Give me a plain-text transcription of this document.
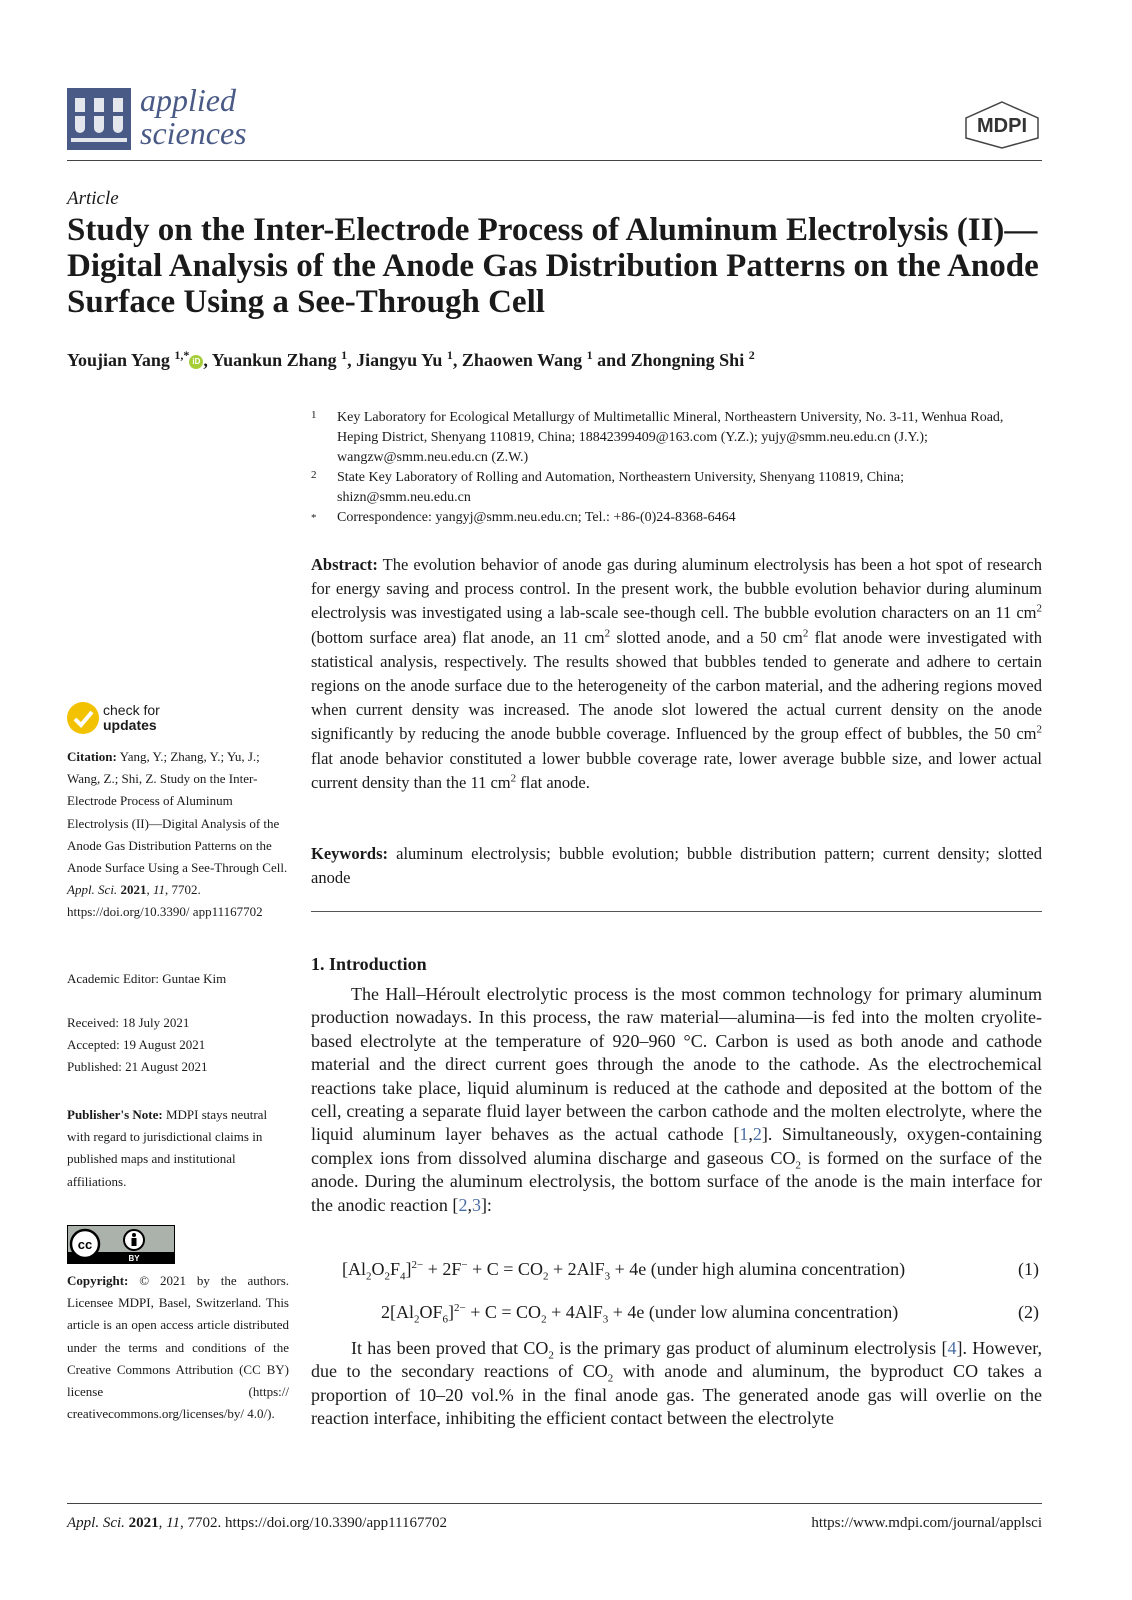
applied
sciences	MDPI
Article
Study on the Inter-Electrode Process of Aluminum Electrolysis (II)—Digital Analysis of the Anode Gas Distribution Patterns on the Anode Surface Using a See-Through Cell
Youjian Yang $^{1,*}$ iD , Yuankun Zhang $^1$, Jiangyu Yu $^1$, Zhaowen Wang $^1$ and Zhongning Shi $^2$
1 Key Laboratory for Ecological Metallurgy of Multimetallic Mineral, Northeastern University, No. 3-11, Wenhua Road, Heping District, Shenyang 110819, China; 18842399409@163.com (Y.Z.); yujy@smm.neu.edu.cn (J.Y.); wangzw@smm.neu.edu.cn (Z.W.)
2 State Key Laboratory of Rolling and Automation, Northeastern University, Shenyang 110819, China; shizn@smm.neu.edu.cn
* Correspondence: yangyj@smm.neu.edu.cn; Tel.: +86-(0)24-8368-6464
Abstract: The evolution behavior of anode gas during aluminum electrolysis has been a hot spot of research for energy saving and process control. In the present work, the bubble evolution behavior during aluminum electrolysis was investigated using a lab-scale see-though cell. The bubble evolution characters on an 11 $cm^2$ (bottom surface area) flat anode, an 11 $cm^2$ slotted anode, and a 50 $cm^2$ flat anode were investigated with statistical analysis, respectively. The results showed that bubbles tended to generate and adhere to certain regions on the anode surface due to the heterogeneity of the carbon material, and the adhering regions moved when current density was increased. The anode slot lowered the actual current density on the anode significantly by reducing the anode bubble coverage. Influenced by the group effect of bubbles, the 50 $cm^2$ flat anode behavior constituted a lower bubble coverage rate, lower average bubble size, and lower actual current density than the 11 $cm^2$ flat anode.
Keywords: aluminum electrolysis; bubble evolution; bubble distribution pattern; current density; slotted anode
1. Introduction
The Hall–Héroult electrolytic process is the most common technology for primary aluminum production nowadays. In this process, the raw material—alumina—is fed into the molten cryolite-based electrolyte at the temperature of 920–960 °C. Carbon is used as both anode and cathode material and the direct current goes through the anode to the cathode. As the electrochemical reactions take place, liquid aluminum is reduced at the cathode and deposited at the bottom of the cell, creating a separate fluid layer between the carbon cathode and the molten electrolyte, where the liquid aluminum layer behaves as the actual cathode [1,2]. Simultaneously, oxygen-containing complex ions from dissolved alumina discharge and gaseous $CO_2$ is formed on the surface of the anode. During the aluminum electrolysis, the bottom surface of the anode is the main interface for the anodic reaction [2,3]:
$[Al_2O_2F_4]^{2-} + 2F^- + C = CO_2 + 2AlF_3 + 4e$ (under high alumina concentration)	(1)
$2[Al_2OF_6]^{2-} + C = CO_2 + 4AlF_3 + 4e$ (under low alumina concentration)	(2)
It has been proved that $CO_2$ is the primary gas product of aluminum electrolysis [4]. However, due to the secondary reactions of $CO_2$ with anode and aluminum, the byproduct CO takes a proportion of 10–20 vol.% in the final anode gas. The generated anode gas will overlie on the reaction interface, inhibiting the efficient contact between the electrolyte
check for
updates
Citation: Yang, Y.; Zhang, Y.; Yu, J.; Wang, Z.; Shi, Z. Study on the Inter-Electrode Process of Aluminum Electrolysis (II)—Digital Analysis of the Anode Gas Distribution Patterns on the Anode Surface Using a See-Through Cell. Appl. Sci. 2021, 11, 7702. https://doi.org/10.3390/ app11167702
Academic Editor: Guntae Kim
Received: 18 July 2021
Accepted: 19 August 2021
Published: 21 August 2021
Publisher's Note: MDPI stays neutral with regard to jurisdictional claims in published maps and institutional affiliations.
cc
BY
Copyright: © 2021 by the authors. Licensee MDPI, Basel, Switzerland. This article is an open access article distributed under the terms and conditions of the Creative Commons Attribution (CC BY) license (https:// creativecommons.org/licenses/by/ 4.0/).
Appl. Sci. 2021, 11, 7702. https://doi.org/10.3390/app11167702	https://www.mdpi.com/journal/applsci
